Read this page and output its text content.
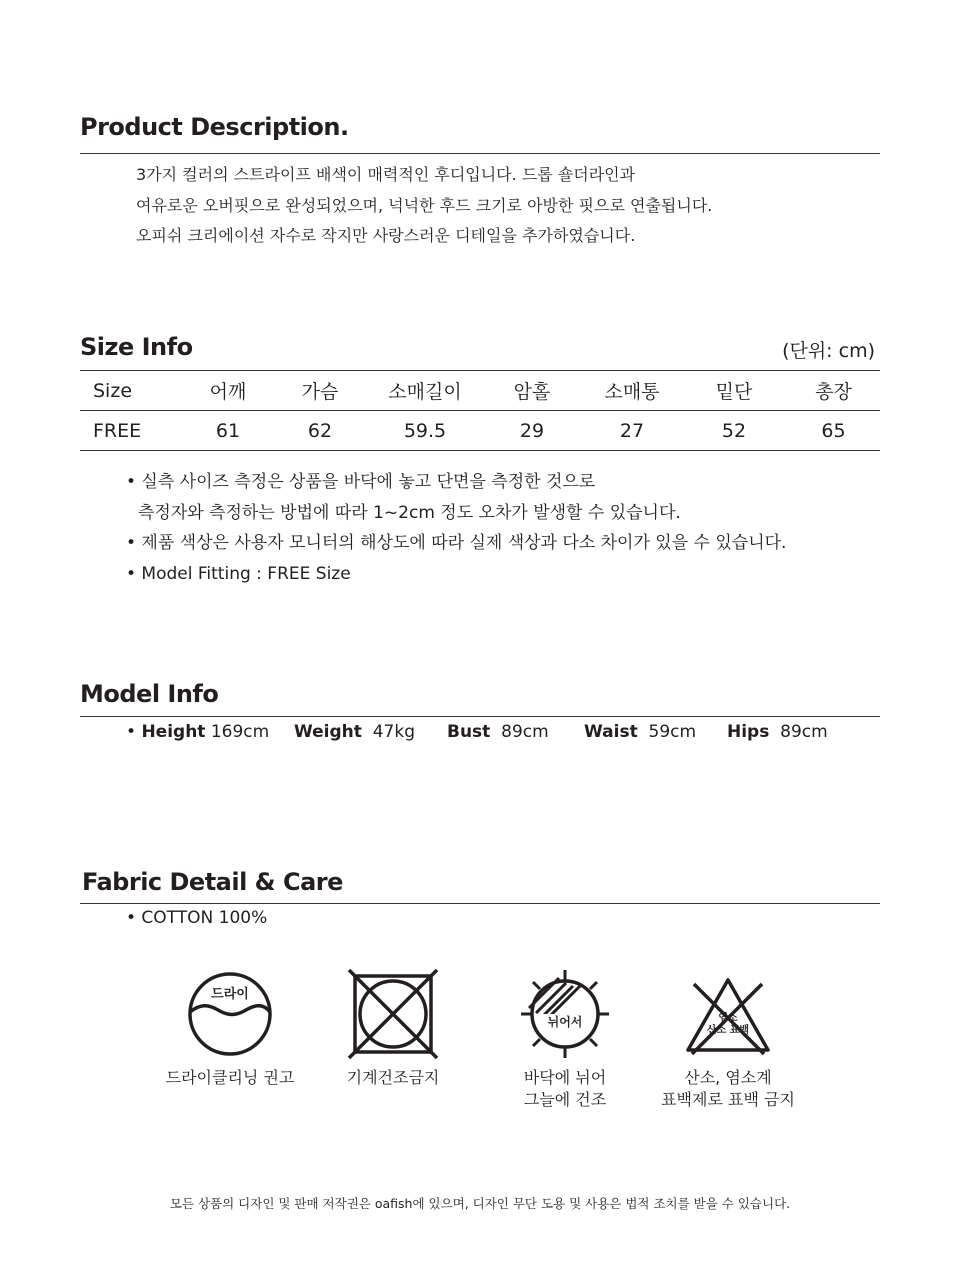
Product Description.

3가지 컬러의 스트라이프 배색이 매력적인 후디입니다. 드롭 숄더라인과

여유로운 오버핏으로 완성되었으며, 넉넉한 후드 크기로 아방한 핏으로 연출됩니다.

오피쉬 크리에이션 자수로 작지만 사랑스러운 디테일을 추가하였습니다.

Size Info	(단위: cm)
Size	어깨	가슴	소매길이	암홀	소매통	밑단	총장
FREE	61	62	59.5	29	27	52	65
• 실측 사이즈 측정은 상품을 바닥에 놓고 단면을 측정한 것으로
측정자와 측정하는 방법에 따라 1~2cm 정도 오차가 발생할 수 있습니다.
• 제품 색상은 사용자 모니터의 해상도에 따라 실제 색상과 다소 차이가 있을 수 있습니다.
• Model Fitting : FREE Size
Model Info
• Height 169cm Weight 47kg Bust 89cm Waist 59cm Hips 89cm
Fabric Detail & Care
• COTTON 100%
드라이
드라이클리닝 권고	기계건조금지
뉘어서
바닥에 뉘어
그늘에 건조
염소
산소 표백
산소, 염소계
표백제로 표백 금지
모든 상품의 디자인 및 판매 저작권은 oafish에 있으며, 디자인 무단 도용 및 사용은 법적 조치를 받을 수 있습니다.
